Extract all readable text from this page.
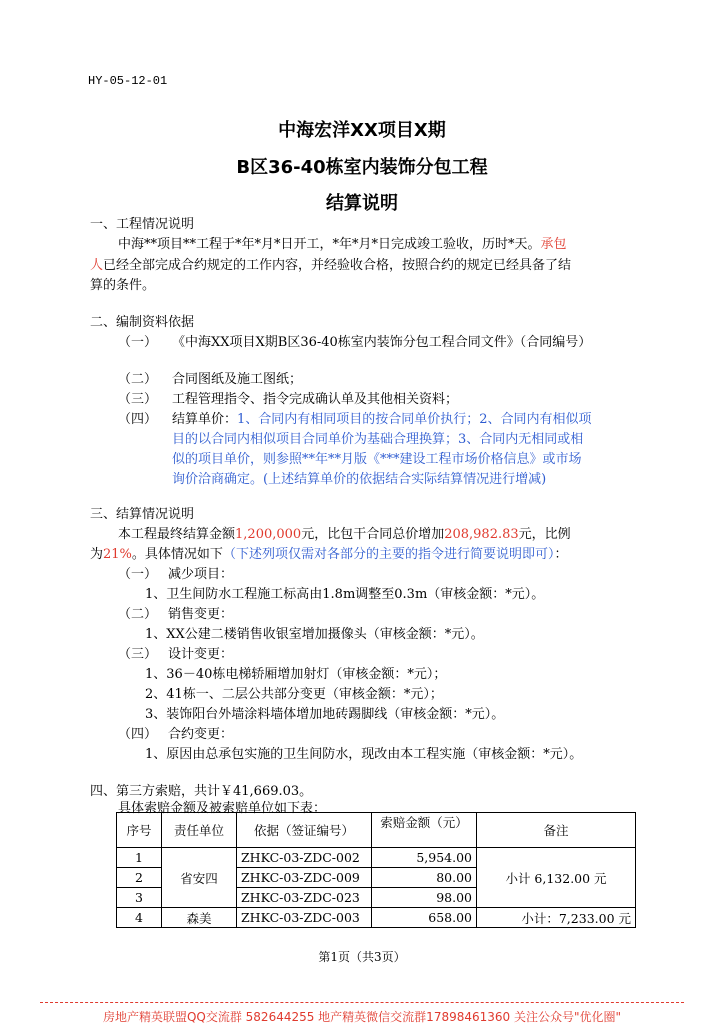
HY-05-12-01
中海宏洋XX项目X期
B区36-40栋室内装饰分包工程
结算说明
一、工程情况说明
中海**项目**工程于*年*月*日开工，*年*月*日完成竣工验收，历时*天。承包
人已经全部完成合约规定的工作内容，并经验收合格，按照合约的规定已经具备了结
算的条件。
二、编制资料依据
（一） 《中海XX项目X期B区36-40栋室内装饰分包工程合同文件》（合同编号）
（二） 合同图纸及施工图纸；
（三） 工程管理指令、指令完成确认单及其他相关资料；
（四） 结算单价：1、合同内有相同项目的按合同单价执行；2、合同内有相似项
目的以合同内相似项目合同单价为基础合理换算；3、合同内无相同或相
似的项目单价，则参照**年**月版《***建设工程市场价格信息》或市场
询价洽商确定。(上述结算单价的依据结合实际结算情况进行增减)
三、结算情况说明
本工程最终结算金额1,200,000元，比包干合同总价增加208,982.83元，比例
为21%。具体情况如下（下述列项仅需对各部分的主要的指令进行简要说明即可）：
（一） 减少项目：
1、卫生间防水工程施工标高由1.8m调整至0.3m（审核金额：*元）。
（二） 销售变更：
1、XX公建二楼销售收银室增加摄像头（审核金额：*元）。
（三） 设计变更：
1、36－40栋电梯轿厢增加射灯（审核金额：*元）；
2、41栋一、二层公共部分变更（审核金额：*元）；
3、装饰阳台外墙涂料墙体增加地砖踢脚线（审核金额：*元）。
（四） 合约变更：
1、原因由总承包实施的卫生间防水，现改由本工程实施（审核金额：*元）。
四、第三方索赔，共计￥41,669.03。
具体索赔金额及被索赔单位如下表：
序号	责任单位	依据（签证编号）	索赔金额（元）	备注
1	省安四	ZHKC-03-ZDC-002	5,954.00	小计 6,132.00 元
2		ZHKC-03-ZDC-009	80.00	
3		ZHKC-03-ZDC-023	98.00	
4	森美	ZHKC-03-ZDC-003	658.00	小计：7,233.00 元
第1页（共3页）
房地产精英联盟QQ交流群 582644255 地产精英微信交流群17898461360 关注公众号"优化圈"
